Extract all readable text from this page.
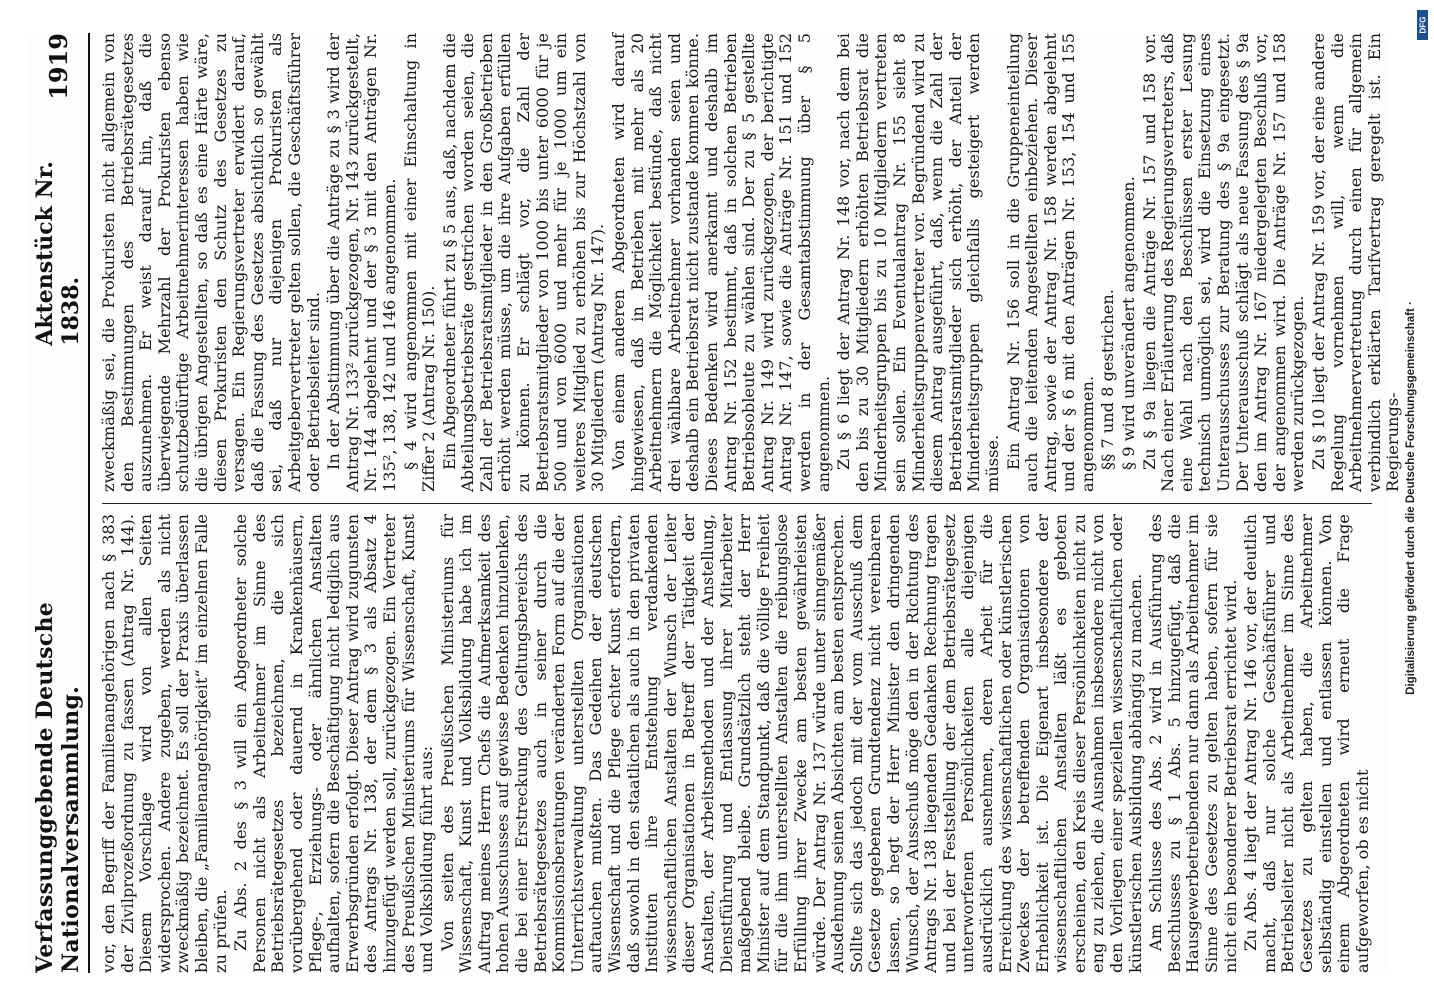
Verfassunggebende Deutsche Nationalversammlung.
Aktenstück Nr. 1838.
1919

vor, den Begriff der Familienangehörigen nach § 383 der Zivilprozeßordnung zu fassen (Antrag Nr. 144). Diesem Vorschlage wird von allen Seiten widersprochen. Andere zugeben, werden als nicht zweckmäßig bezeichnet. Es soll der Praxis überlassen bleiben, die „Familienangehörigkeit“ im einzelnen Falle zu prüfen. Zu Abs. 2 des § 3 will ein Abgeordneter solche Personen nicht als Arbeitnehmer im Sinne des Betriebsrätegesetzes bezeichnen, die sich vorübergehend oder dauernd in Krankenhäusern, Pflege-, Erziehungs- oder ähnlichen Anstalten aufhalten, sofern die Beschäftigung nicht lediglich aus Erwerbsgründen erfolgt. Dieser Antrag wird zugunsten des Antrags Nr. 138, der dem § 3 als Absatz 4 hinzugefügt werden soll, zurückgezogen. Ein Vertreter des Preußischen Ministeriums für Wissenschaft, Kunst und Volksbildung führt aus: Von seiten des Preußischen Ministeriums für Wissenschaft, Kunst und Volksbildung habe ich im Auftrag meines Herrn Chefs die Aufmerksamkeit des hohen Ausschusses auf gewisse Bedenken hinzulenken, die bei einer Erstreckung des Geltungsbereichs des Betriebsrätegesetzes auch in seiner durch die Kommissionsberatungen veränderten Form auf die der Unterrichtsverwaltung unterstellten Organisationen auftauchen mußten. Das Gedeihen der deutschen Wissenschaft und die Pflege echter Kunst erfordern, daß sowohl in den staatlichen als auch in den privaten Instituten ihre Entstehung verdankenden wissenschaftlichen Anstalten der Wunsch der Leiter dieser Organisationen in Betreff der Tätigkeit der Anstalten, der Arbeitsmethoden und der Anstellung, Dienstführung und Entlassung ihrer Mitarbeiter maßgebend bleibe. Grundsätzlich steht der Herr Minister auf dem Standpunkt, daß die völlige Freiheit für die ihm unterstellten Anstalten die reibungslose Erfüllung ihrer Zwecke am besten gewährleisten würde. Der Antrag Nr. 137 würde unter sinngemäßer Ausdehnung seinen Absichten am besten entsprechen. Sollte sich das jedoch mit der vom Ausschuß dem Gesetze gegebenen Grundtendenz nicht vereinbaren lassen, so hegt der Herr Minister den dringenden Wunsch, der Ausschuß möge den in der Richtung des Antrags Nr. 138 liegenden Gedanken Rechnung tragen und bei der Feststellung der dem Betriebsrätegesetz unterworfenen Persönlichkeiten alle diejenigen ausdrücklich ausnehmen, deren Arbeit für die Erreichung des wissenschaftlichen oder künstlerischen Zweckes der betreffenden Organisationen von Erheblichkeit ist. Die Eigenart insbesondere der wissenschaftlichen Anstalten läßt es geboten erscheinen, den Kreis dieser Persönlichkeiten nicht zu eng zu ziehen, die Ausnahmen insbesondere nicht von den Vorliegen einer speziellen wissenschaftlichen oder künstlerischen Ausbildung abhängig zu machen. Am Schlusse des Abs. 2 wird in Ausführung des Beschlusses zu § 1 Abs. 5 hinzugefügt, daß die Hausgewerbetreibenden nur dann als Arbeitnehmer im Sinne des Gesetzes zu gelten haben, sofern für sie nicht ein besonderer Betriebsrat errichtet wird. Zu Abs. 4 liegt der Antrag Nr. 146 vor, der deutlich macht, daß nur solche Geschäftsführer und Betriebsleiter nicht als Arbeitnehmer im Sinne des Gesetzes zu gelten haben, die Arbeitnehmer selbständig einstellen und entlassen können. Von einem Abgeordneten wird erneut die Frage aufgeworfen, ob es nicht

zweckmäßig sei, die Prokuristen nicht allgemein von den Bestimmungen des Betriebsrätegesetzes auszunehmen. Er weist darauf hin, daß die überwiegende Mehrzahl der Prokuristen ebenso schutzbedürftige Arbeitnehmerinteressen haben wie die übrigen Angestellten, so daß es eine Härte wäre, diesen Prokuristen den Schutz des Gesetzes zu versagen. Ein Regierungsvertreter erwidert darauf, daß die Fassung des Gesetzes absichtlich so gewählt sei, daß nur diejenigen Prokuristen als Arbeitgebervertreter gelten sollen, die Geschäftsführer oder Betriebsleiter sind. In der Abstimmung über die Anträge zu § 3 wird der Antrag Nr. 133² zurückgezogen, Nr. 143 zurückgestellt, Nr. 144 abgelehnt und der § 3 mit den Anträgen Nr. 135², 138, 142 und 146 angenommen. § 4 wird angenommen mit einer Einschaltung in Ziffer 2 (Antrag Nr. 150). Ein Abgeordneter führt zu § 5 aus, daß, nachdem die Abteilungsbetriebsräte gestrichen worden seien, die Zahl der Betriebsratsmitglieder in den Großbetrieben erhöht werden müsse, um die ihre Aufgaben erfüllen zu können. Er schlägt vor, die Zahl der Betriebsratsmitglieder von 1000 bis unter 6000 für je 500 und von 6000 und mehr für je 1000 um ein weiteres Mitglied zu erhöhen bis zur Höchstzahl von 30 Mitgliedern (Antrag Nr. 147). Von einem anderen Abgeordneten wird darauf hingewiesen, daß in Betrieben mit mehr als 20 Arbeitnehmern die Möglichkeit bestünde, daß nicht drei wählbare Arbeitnehmer vorhanden seien und deshalb ein Betriebsrat nicht zustande kommen könne. Dieses Bedenken wird anerkannt und deshalb im Antrag Nr. 152 bestimmt, daß in solchen Betrieben Betriebsobleute zu wählen sind. Der zu § 5 gestellte Antrag Nr. 149 wird zurückgezogen, der berichtigte Antrag Nr. 147, sowie die Anträge Nr. 151 und 152 werden in der Gesamtabstimmung über § 5 angenommen. Zu § 6 liegt der Antrag Nr. 148 vor, nach dem bei den bis zu 30 Mitgliedern erhöhten Betriebsrat die Minderheitsgruppen bis zu 10 Mitgliedern vertreten sein sollen. Ein Eventualantrag Nr. 155 sieht 8 Minderheitsgruppenvertreter vor. Begründend wird zu diesem Antrag ausgeführt, daß, wenn die Zahl der Betriebsratsmitglieder sich erhöht, der Anteil der Minderheitsgruppen gleichfalls gesteigert werden müsse. Ein Antrag Nr. 156 soll in die Gruppeneinteilung auch die leitenden Angestellten einbeziehen. Dieser Antrag, sowie der Antrag Nr. 158 werden abgelehnt und der § 6 mit den Anträgen Nr. 153, 154 und 155 angenommen. §§ 7 und 8 gestrichen. § 9 wird unverändert angenommen. Zu § 9a liegen die Anträge Nr. 157 und 158 vor. Nach einer Erläuterung des Regierungsvertreters, daß eine Wahl nach den Beschlüssen erster Lesung technisch unmöglich sei, wird die Einsetzung eines Unterausschusses zur Beratung des § 9a eingesetzt. Der Unterausschuß schlägt als neue Fassung des § 9a den im Antrag Nr. 167 niedergelegten Beschluß vor, der angenommen wird. Die Anträge Nr. 157 und 158 werden zurückgezogen. Zu § 10 liegt der Antrag Nr. 159 vor, der eine andere Regelung vornehmen will, wenn die Arbeitnehmervertretung durch einen für allgemein verbindlich erklärten Tarifvertrag geregelt ist. Ein Regierungs- Digitalisierung gefördert durch die Deutsche Forschungsgemeinschaft ·
DFG
